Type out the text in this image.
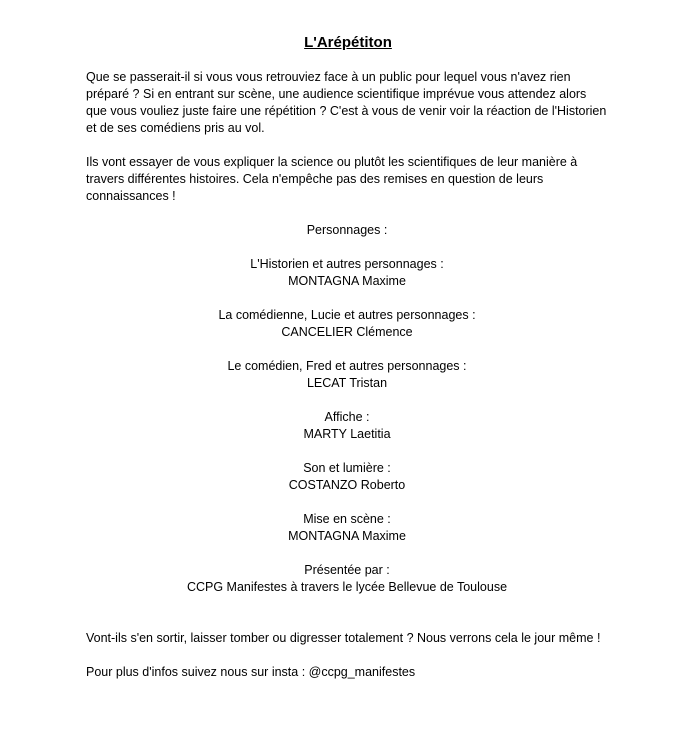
L'Arépétiton

Que se passerait-il si vous vous retrouviez face à un public pour lequel vous n'avez rien préparé ? Si en entrant sur scène, une audience scientifique imprévue vous attendez alors que vous vouliez juste faire une répétition ? C'est à vous de venir voir la réaction de l'Historien et de ses comédiens pris au vol.

Ils vont essayer de vous expliquer la science ou plutôt les scientifiques de leur manière à travers différentes histoires. Cela n'empêche pas des remises en question de leurs connaissances !

Personnages :
L'Historien et autres personnages :
MONTAGNA Maxime
La comédienne, Lucie et autres personnages :
CANCELIER Clémence
Le comédien, Fred et autres personnages :
LECAT Tristan
Affiche :
MARTY Laetitia
Son et lumière :
COSTANZO Roberto
Mise en scène :
MONTAGNA Maxime
Présentée par :
CCPG Manifestes à travers le lycée Bellevue de Toulouse

Vont-ils s'en sortir, laisser tomber ou digresser totalement ? Nous verrons cela le jour même !

Pour plus d'infos suivez nous sur insta : @ccpg_manifestes
